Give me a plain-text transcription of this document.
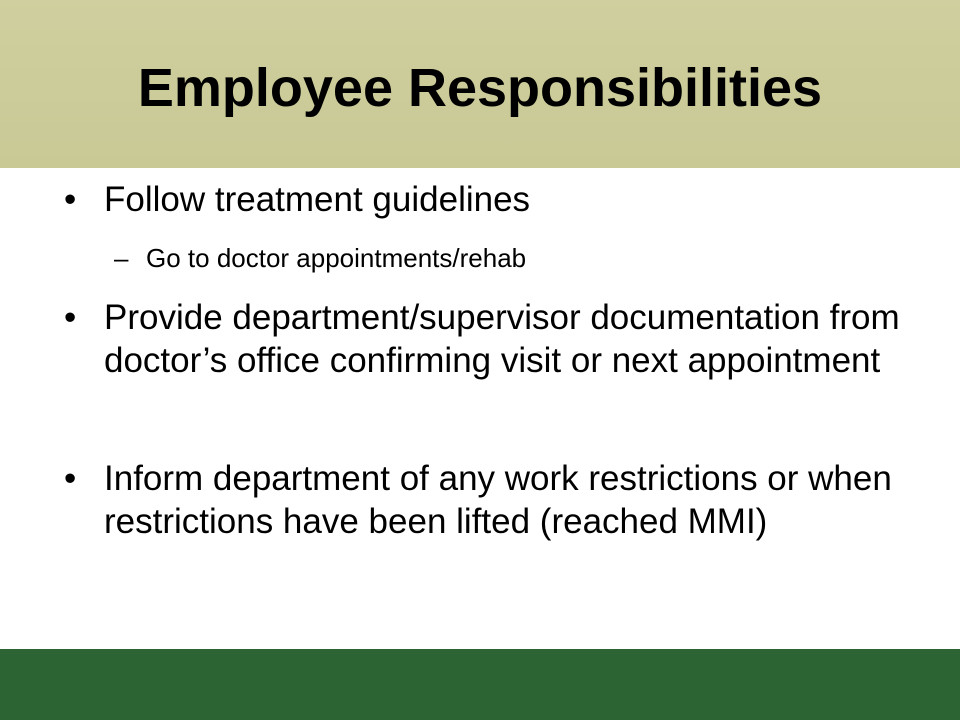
Employee Responsibilities
• Follow treatment guidelines
– Go to doctor appointments/rehab
• Provide department/supervisor documentation from doctor’s office confirming visit or next appointment
• Inform department of any work restrictions or when restrictions have been lifted (reached MMI)
